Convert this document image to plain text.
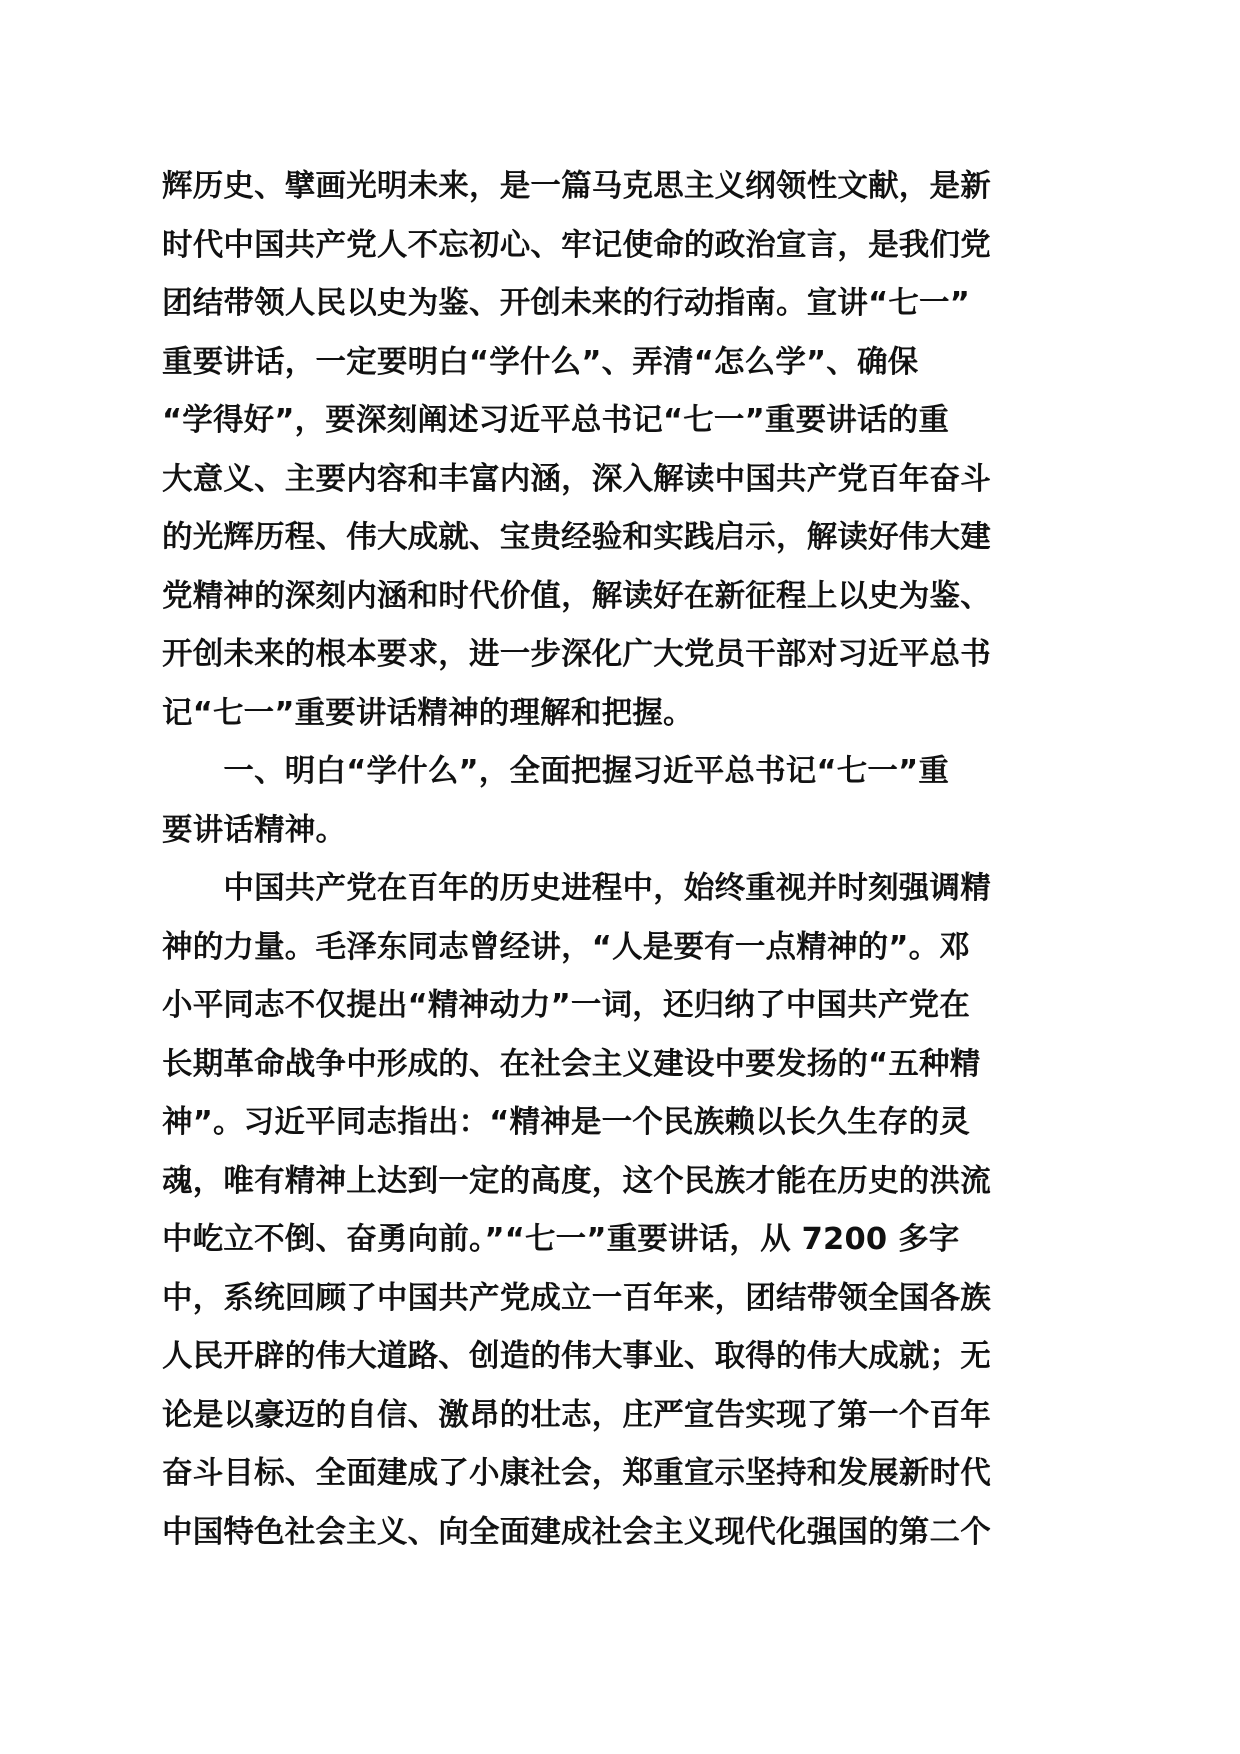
辉历史、擘画光明未来，是一篇马克思主义纲领性文献，是新
时代中国共产党人不忘初心、牢记使命的政治宣言，是我们党
团结带领人民以史为鉴、开创未来的行动指南。宣讲“七一”
重要讲话，一定要明白“学什么”、弄清“怎么学”、确保
“学得好”，要深刻阐述习近平总书记“七一”重要讲话的重
大意义、主要内容和丰富内涵，深入解读中国共产党百年奋斗
的光辉历程、伟大成就、宝贵经验和实践启示，解读好伟大建
党精神的深刻内涵和时代价值，解读好在新征程上以史为鉴、
开创未来的根本要求，进一步深化广大党员干部对习近平总书
记“七一”重要讲话精神的理解和把握。
　　一、明白“学什么”，全面把握习近平总书记“七一”重
要讲话精神。
　　中国共产党在百年的历史进程中，始终重视并时刻强调精
神的力量。毛泽东同志曾经讲，“人是要有一点精神的”。邓
小平同志不仅提出“精神动力”一词，还归纳了中国共产党在
长期革命战争中形成的、在社会主义建设中要发扬的“五种精
神”。习近平同志指出：“精神是一个民族赖以长久生存的灵
魂，唯有精神上达到一定的高度，这个民族才能在历史的洪流
中屹立不倒、奋勇向前。”“七一”重要讲话，从 7200 多字
中，系统回顾了中国共产党成立一百年来，团结带领全国各族
人民开辟的伟大道路、创造的伟大事业、取得的伟大成就；无
论是以豪迈的自信、激昂的壮志，庄严宣告实现了第一个百年
奋斗目标、全面建成了小康社会，郑重宣示坚持和发展新时代
中国特色社会主义、向全面建成社会主义现代化强国的第二个
